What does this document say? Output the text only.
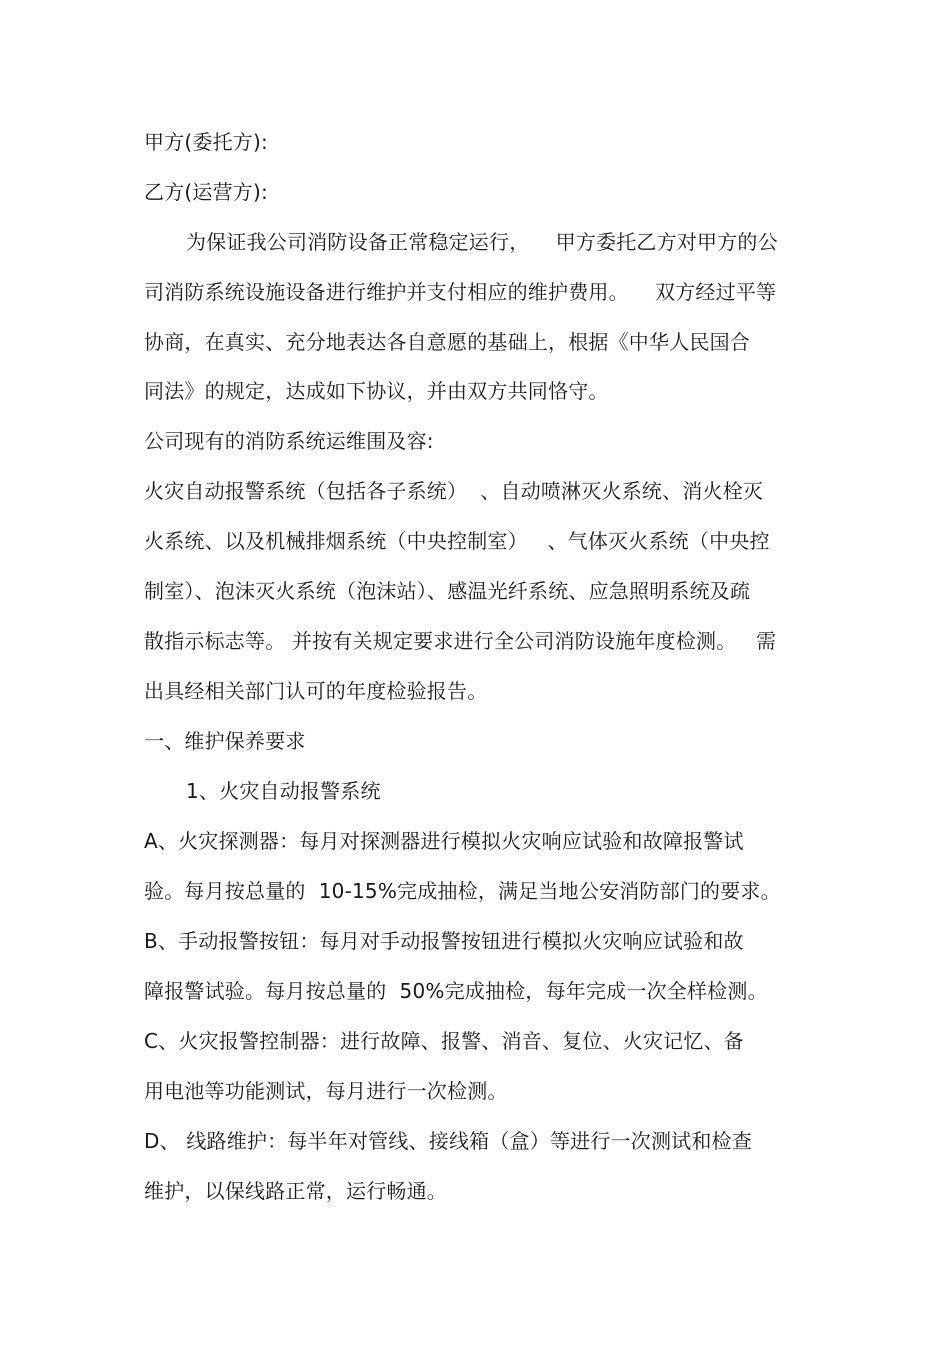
甲方(委托方):
乙方(运营方):
为保证我公司消防设备正常稳定运行，    甲方委托乙方对甲方的公
司消防系统设施设备进行维护并支付相应的维护费用。    双方经过平等
协商，在真实、充分地表达各自意愿的基础上，根据《中华人民国合
同法》的规定，达成如下协议，并由双方共同恪守。
公司现有的消防系统运维围及容:
火灾自动报警系统（包括各子系统）  、自动喷淋灭火系统、消火栓灭
火系统、以及机械排烟系统（中央控制室）   、气体灭火系统（中央控
制室）、泡沫灭火系统（泡沫站）、感温光纤系统、应急照明系统及疏
散指示标志等。 并按有关规定要求进行全公司消防设施年度检测。   需
出具经相关部门认可的年度检验报告。
一、维护保养要求
1、火灾自动报警系统
A、火灾探测器：每月对探测器进行模拟火灾响应试验和故障报警试
验。每月按总量的  10-15%完成抽检，满足当地公安消防部门的要求。
B、手动报警按钮：每月对手动报警按钮进行模拟火灾响应试验和故
障报警试验。每月按总量的  50%完成抽检，每年完成一次全样检测。
C、火灾报警控制器：进行故障、报警、消音、复位、火灾记忆、备
用电池等功能测试，每月进行一次检测。
D、 线路维护：每半年对管线、接线箱（盒）等进行一次测试和检查
维护，以保线路正常，运行畅通。
